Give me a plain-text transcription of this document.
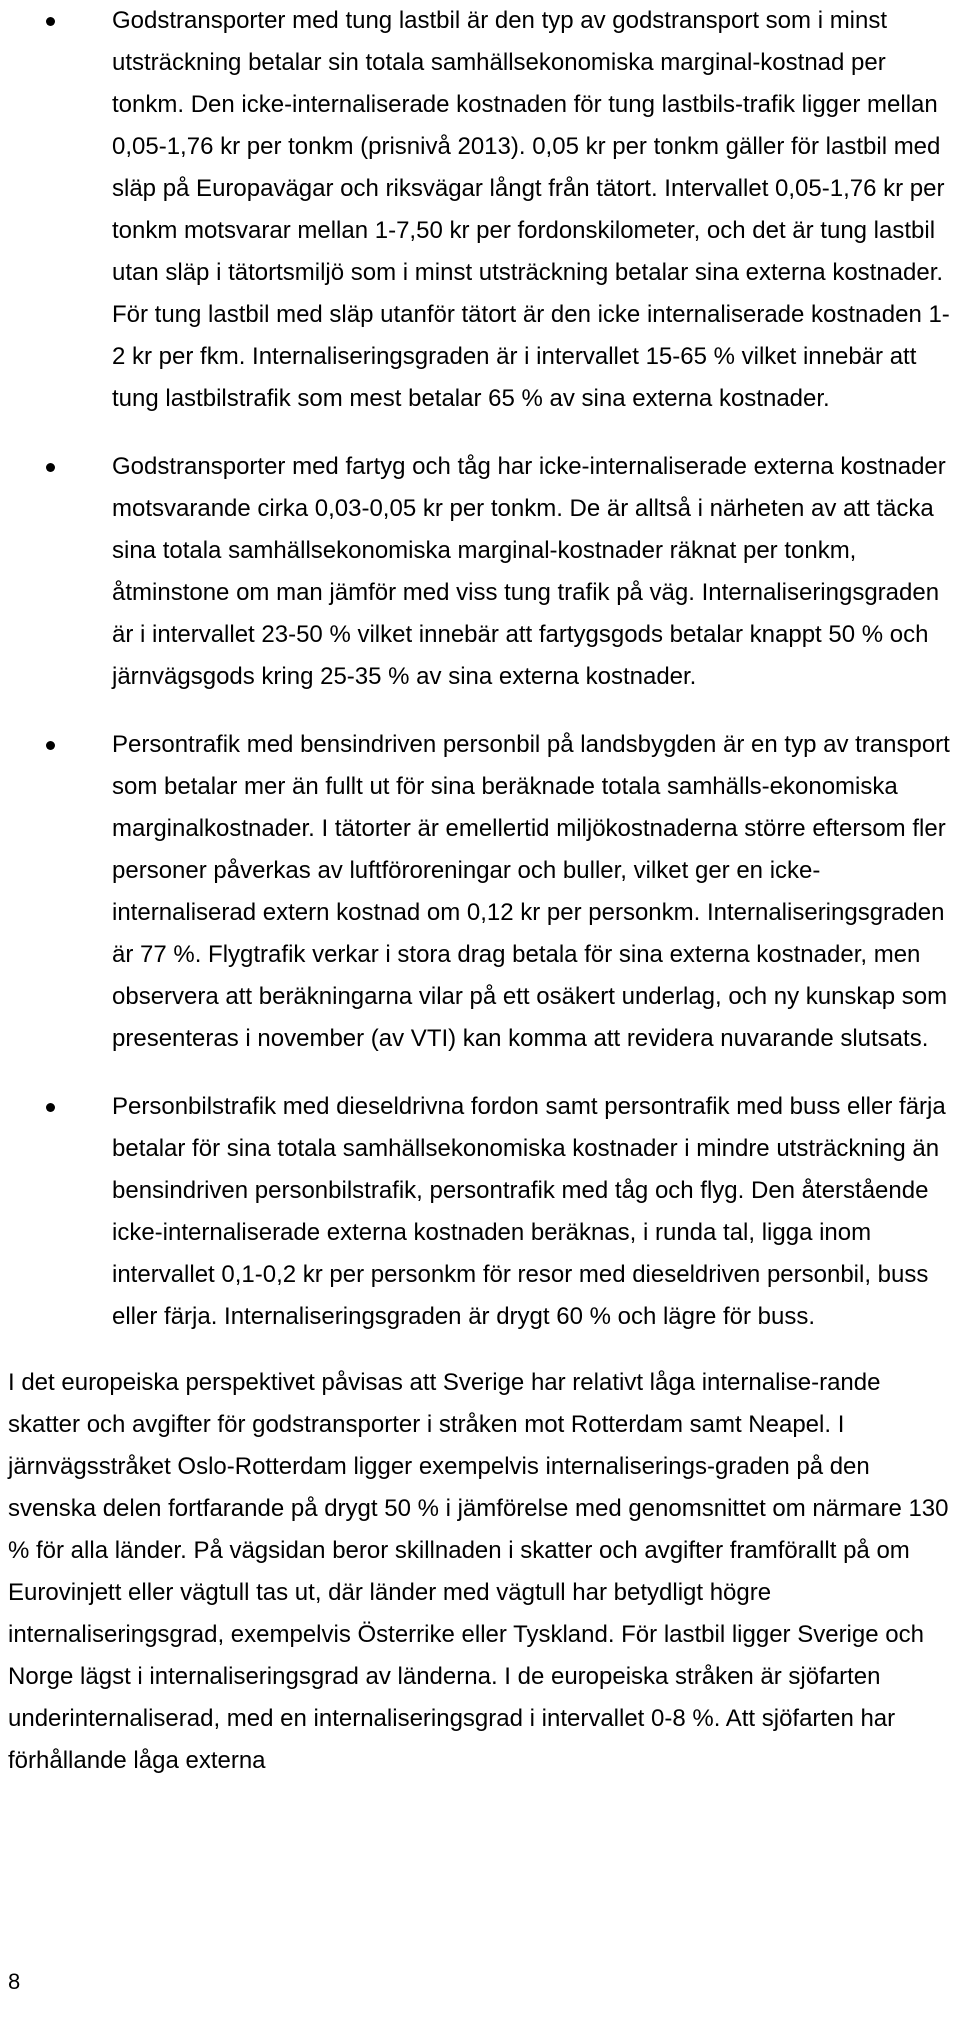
Godstransporter med tung lastbil är den typ av godstransport som i minst utsträckning betalar sin totala samhällsekonomiska marginal-kostnad per tonkm. Den icke-internaliserade kostnaden för tung lastbils-trafik ligger mellan 0,05-1,76 kr per tonkm (prisnivå 2013). 0,05 kr per tonkm gäller för lastbil med släp på Europavägar och riksvägar långt från tätort. Intervallet 0,05-1,76 kr per tonkm motsvarar mellan 1-7,50 kr per fordonskilometer, och det är tung lastbil utan släp i tätortsmiljö som i minst utsträckning betalar sina externa kostnader. För tung lastbil med släp utanför tätort är den icke internaliserade kostnaden 1-2 kr per fkm. Internaliseringsgraden är i intervallet 15-65 % vilket innebär att tung lastbilstrafik som mest betalar 65 % av sina externa kostnader.

Godstransporter med fartyg och tåg har icke-internaliserade externa kostnader motsvarande cirka 0,03-0,05 kr per tonkm. De är alltså i närheten av att täcka sina totala samhällsekonomiska marginal-kostnader räknat per tonkm, åtminstone om man jämför med viss tung trafik på väg. Internaliseringsgraden är i intervallet 23-50 % vilket innebär att fartygsgods betalar knappt 50 % och järnvägsgods kring 25-35 % av sina externa kostnader.

Persontrafik med bensindriven personbil på landsbygden är en typ av transport som betalar mer än fullt ut för sina beräknade totala samhälls-ekonomiska marginalkostnader. I tätorter är emellertid miljökostnaderna större eftersom fler personer påverkas av luftföroreningar och buller, vilket ger en icke-internaliserad extern kostnad om 0,12 kr per personkm. Internaliseringsgraden är 77 %. Flygtrafik verkar i stora drag betala för sina externa kostnader, men observera att beräkningarna vilar på ett osäkert underlag, och ny kunskap som presenteras i november (av VTI) kan komma att revidera nuvarande slutsats.

Personbilstrafik med dieseldrivna fordon samt persontrafik med buss eller färja betalar för sina totala samhällsekonomiska kostnader i mindre utsträckning än bensindriven personbilstrafik, persontrafik med tåg och flyg. Den återstående icke-internaliserade externa kostnaden beräknas, i runda tal, ligga inom intervallet 0,1-0,2 kr per personkm för resor med dieseldriven personbil, buss eller färja. Internaliseringsgraden är drygt 60 % och lägre för buss.

I det europeiska perspektivet påvisas att Sverige har relativt låga internalise-rande skatter och avgifter för godstransporter i stråken mot Rotterdam samt Neapel. I järnvägsstråket Oslo-Rotterdam ligger exempelvis internaliserings-graden på den svenska delen fortfarande på drygt 50 % i jämförelse med genomsnittet om närmare 130 % för alla länder. På vägsidan beror skillnaden i skatter och avgifter framförallt på om Eurovinjett eller vägtull tas ut, där länder med vägtull har betydligt högre internaliseringsgrad, exempelvis Österrike eller Tyskland. För lastbil ligger Sverige och Norge lägst i internaliseringsgrad av länderna. I de europeiska stråken är sjöfarten underinternaliserad, med en internaliseringsgrad i intervallet 0-8 %. Att sjöfarten har förhållande låga externa

8
